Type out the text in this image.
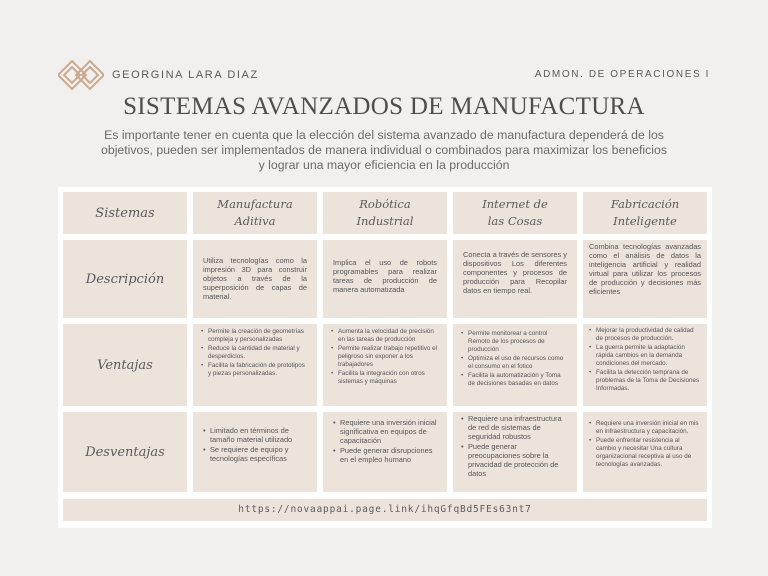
GEORGINA LARA DIAZ	ADMON. DE OPERACIONES I
SISTEMAS AVANZADOS DE MANUFACTURA
Es importante tener en cuenta que la elección del sistema avanzado de manufactura dependerá de los objetivos, pueden ser implementados de manera individual o combinados para maximizar los beneficios y lograr una mayor eficiencia en la producción
Sistemas
Manufactura Aditiva
Robótica Industrial
Internet de las Cosas
Fabricación Inteligente
Descripción
Utiliza tecnologías como la impresión 3D para construir objetos a través de la superposición de capas de material.
Implica el uso de robots programables para realizar tareas de producción de manera automatizada
Conecta a través de sensores y dispositivos Los diferentes componentes y procesos de producción para Recopilar datos en tiempo real.
Combina tecnologías avanzadas como el análisis de datos la inteligencia artificial y realidad virtual para utilizar los procesos de producción y decisiones más eficientes
Ventajas
• Permite la creación de geometrías compleja y personalizadas
• Reduce la cantidad de material y desperdicios.
• Facilita la fabricación de prototipos y piezas personalizadas.
• Aumenta la velocidad de precisión en las tareas de producción
• Permite realizar trabajo repetitivo el peligroso sin exponer a los trabajadores
• Facilita la integración con otros sistemas y máquinas
• Permite monitorear a control Remoto de los procesos de producción
• Optimiza el uso de recursos como el consumo en el fotico
• Facilita la automatización y Toma de decisiones basadas en datos
• Mejorar la productividad de calidad de procesos de producción.
• La guerra permite la adaptación rápida cambios en la demanda condiciones del mercado.
• Facilita la detección temprana de problemas de la Toma de Decisiones Informadas.
Desventajas
• Limitado en términos de tamaño material utilizado
• Se requiere de equipo y tecnologías específicas
• Requiere una inversión inicial significativa en equipos de capacitación
• Puede generar disrupciones en el empleo humano
• Requiere una infraestructura de red de sistemas de seguridad robustos
• Puede generar preocupaciones sobre la privacidad de protección de datos
• Requiere una inversión inicial en mis en infraestructura y capacitación.
• Puede enfrentar resistencia al cambio y necesitar Una cultura organizacional receptiva al uso de tecnologías avanzadas.
https://novaappai.page.link/ihqGfqBd5FEs63nt7
